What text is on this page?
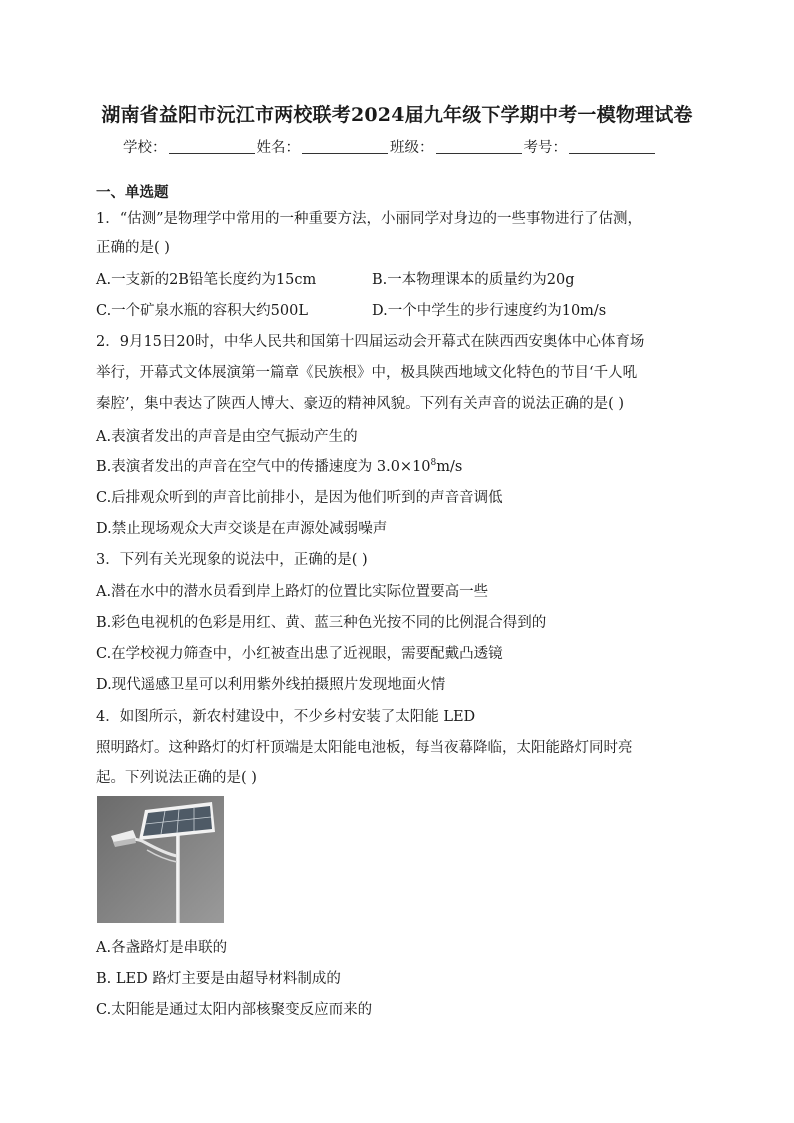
湖南省益阳市沅江市两校联考2024届九年级下学期中考一模物理试卷
学校：	姓名：	班级：	考号：
一、单选题
1．“估测”是物理学中常用的一种重要方法，小丽同学对身边的一些事物进行了估测，
正确的是( )
A.一支新的2B铅笔长度约为15cm	B.一本物理课本的质量约为20g
C.一个矿泉水瓶的容积大约500L	D.一个中学生的步行速度约为10m/s
2．9月15日20时，中华人民共和国第十四届运动会开幕式在陕西西安奥体中心体育场
举行，开幕式文体展演第一篇章《民族根》中，极具陕西地域文化特色的节目‘千人吼
秦腔’，集中表达了陕西人博大、豪迈的精神风貌。下列有关声音的说法正确的是( )
A.表演者发出的声音是由空气振动产生的
B.表演者发出的声音在空气中的传播速度为 $3.0\times 10^8m/s$
C.后排观众听到的声音比前排小，是因为他们听到的声音音调低
D.禁止现场观众大声交谈是在声源处减弱噪声
3．下列有关光现象的说法中，正确的是( )
A.潜在水中的潜水员看到岸上路灯的位置比实际位置要高一些
B.彩色电视机的色彩是用红、黄、蓝三种色光按不同的比例混合得到的
C.在学校视力筛查中，小红被查出患了近视眼，需要配戴凸透镜
D.现代遥感卫星可以利用紫外线拍摄照片发现地面火情
4．如图所示，新农村建设中，不少乡村安装了太阳能 LED
照明路灯。这种路灯的灯杆顶端是太阳能电池板，每当夜幕降临，太阳能路灯同时亮
起。下列说法正确的是( )
A.各盏路灯是串联的
B. LED 路灯主要是由超导材料制成的
C.太阳能是通过太阳内部核聚变反应而来的
